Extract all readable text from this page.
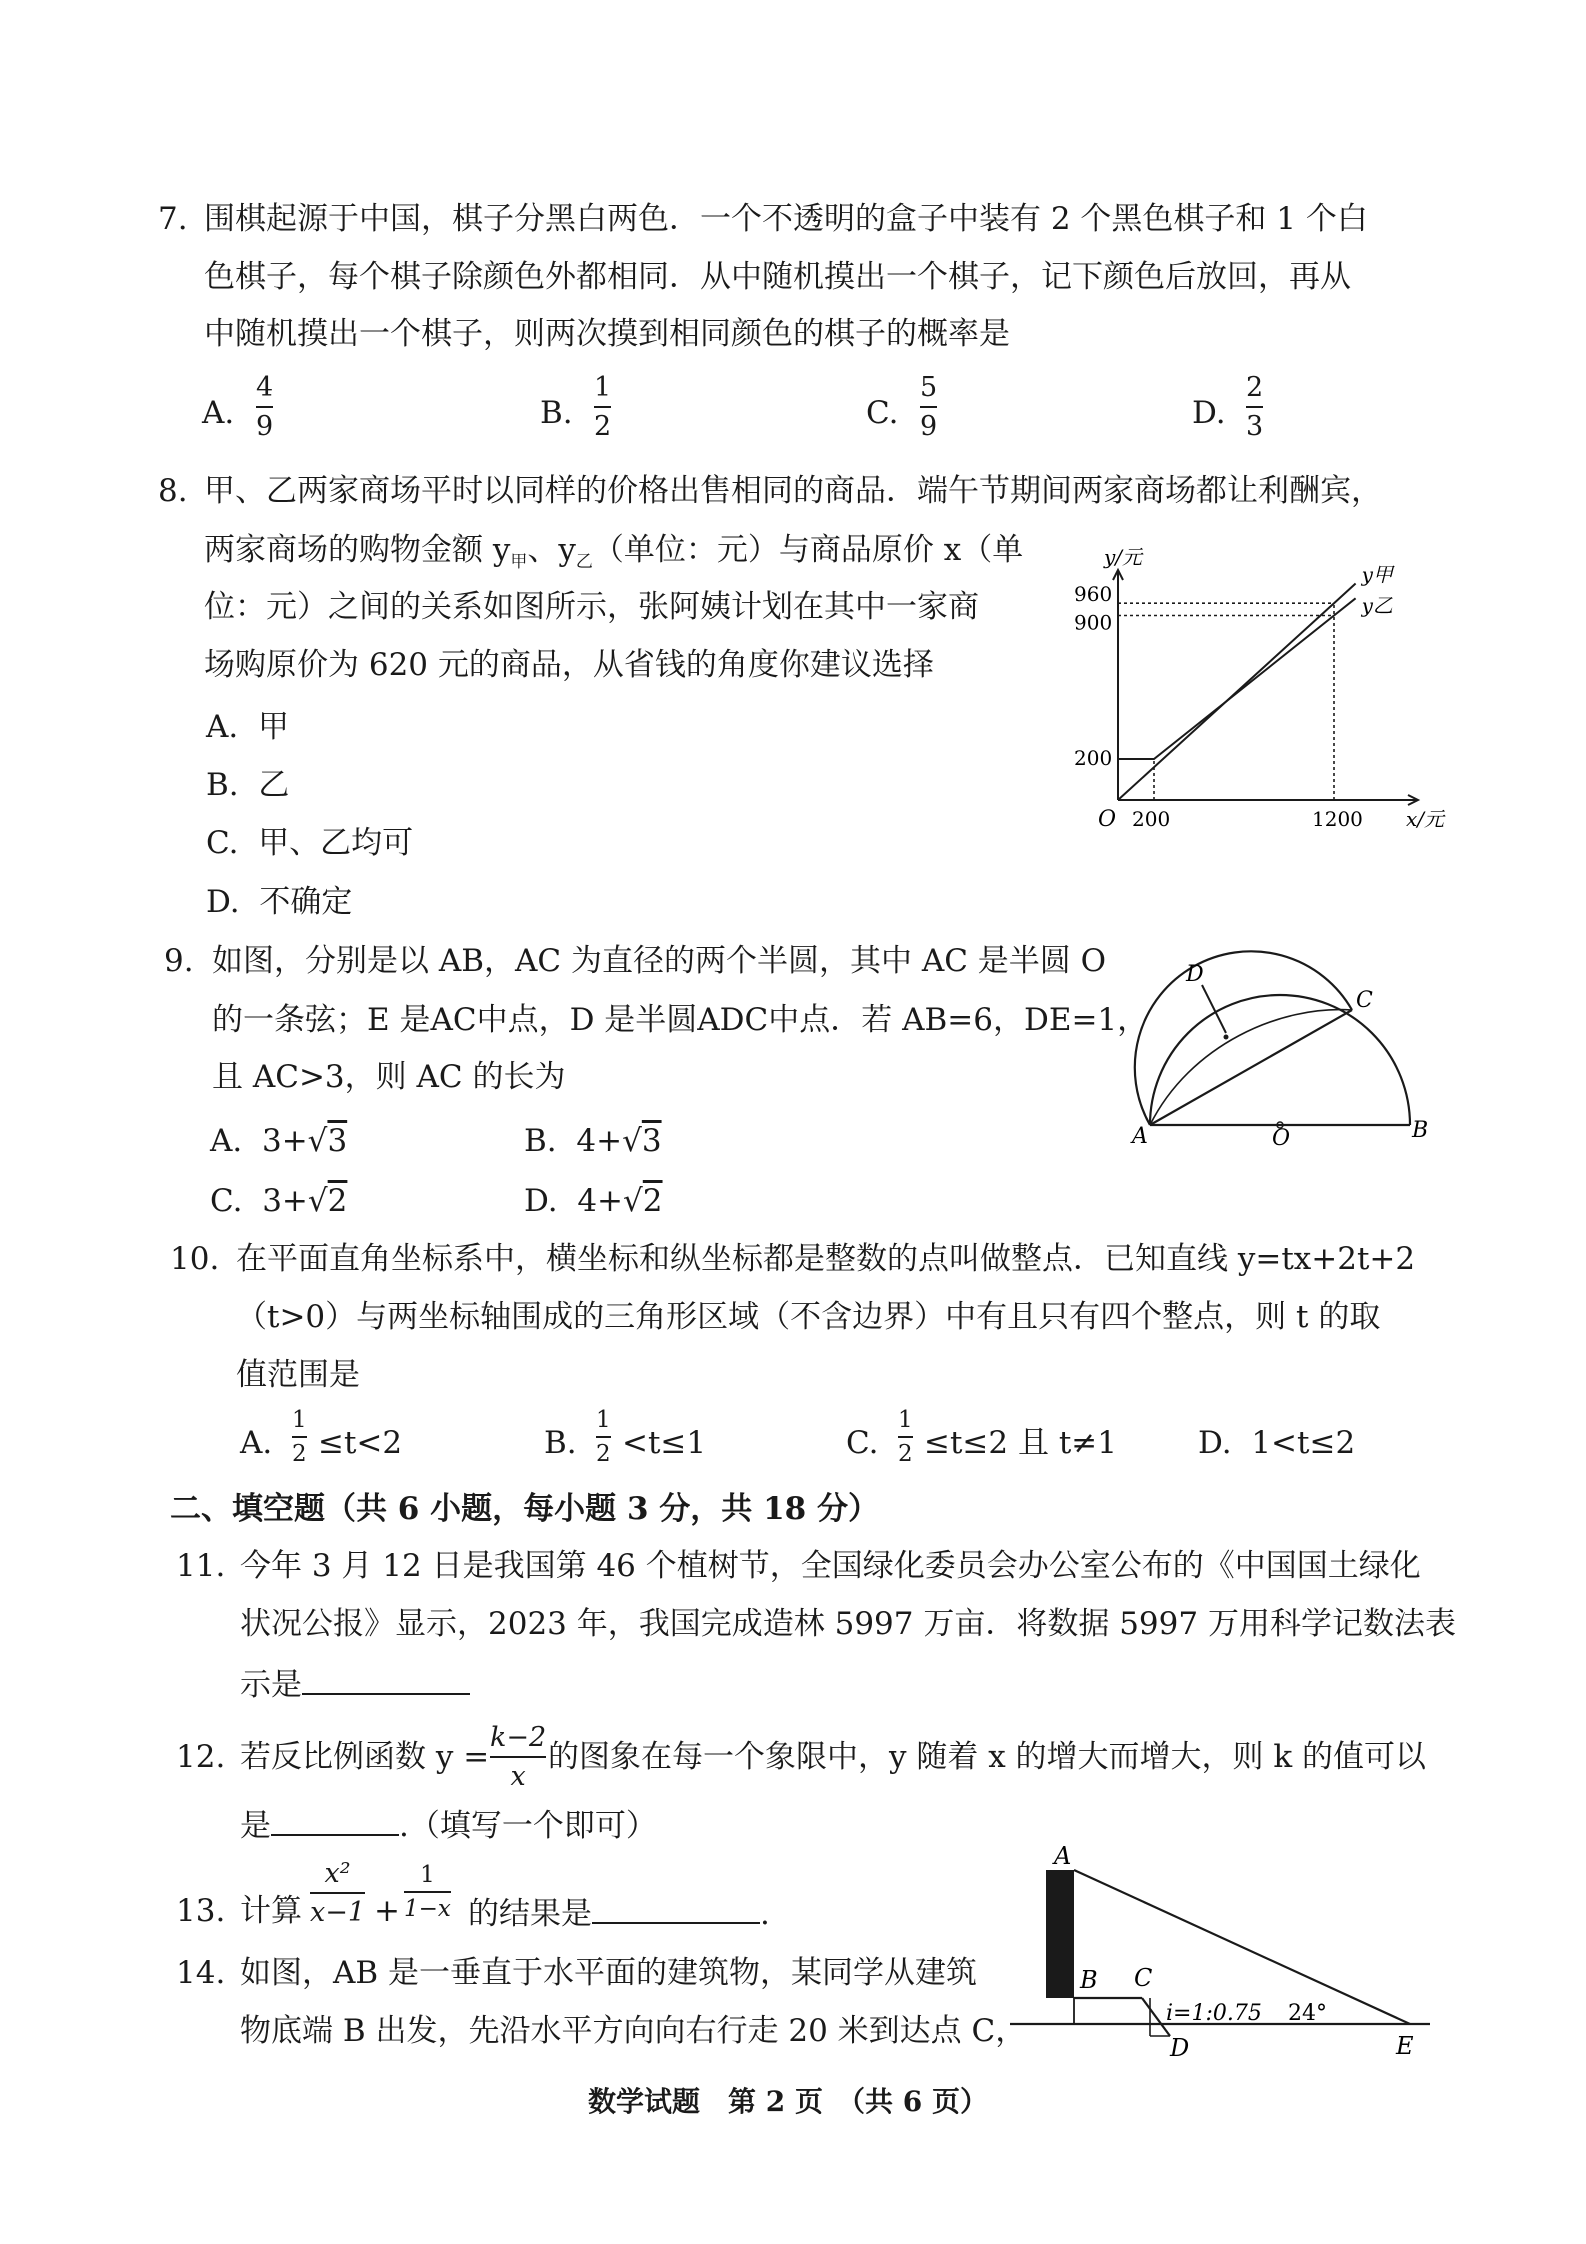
7. 围棋起源于中国，棋子分黑白两色．一个不透明的盒子中装有 2 个黑色棋子和 1 个白
色棋子，每个棋子除颜色外都相同．从中随机摸出一个棋子，记下颜色后放回，再从
中随机摸出一个棋子，则两次摸到相同颜色的棋子的概率是
A.
4
9	B.
1
2	C.
5
9	D.
2
3
8. 甲、乙两家商场平时以同样的价格出售相同的商品．端午节期间两家商场都让利酬宾，
两家商场的购物金额 $y_甲$、$y_乙$（单位：元）与商品原价 x（单
位：元）之间的关系如图所示，张阿姨计划在其中一家商
场购原价为 620 元的商品，从省钱的角度你建议选择
A. 甲
B. 乙
C. 甲、乙均可
D. 不确定
y甲
y乙
200	1200
200
900
960
O	x/元
y/元
9. 如图，分别是以 AB，AC 为直径的两个半圆，其中 AC 是半圆 O
的一条弦；E 是AC中点，D 是半圆ADC中点．若 AB=6，DE=1，
且 AC>3，则 AC 的长为
A. 3+√3	B. 4+√3
C. 3+√2	D. 4+√2
D
C
A	O	B
10. 在平面直角坐标系中，横坐标和纵坐标都是整数的点叫做整点．已知直线 y=tx+2t+2
（t>0）与两坐标轴围成的三角形区域（不含边界）中有且只有四个整点，则 t 的取
值范围是
A.
1
2 ≤t<2	B.
1
2 <t≤1	C.
1
2 ≤t≤2 且 t≠1	D. 1<t≤2
二、填空题（共 6 小题，每小题 3 分，共 18 分）
11. 今年 3 月 12 日是我国第 46 个植树节，全国绿化委员会办公室公布的《中国国土绿化
状况公报》显示，2023 年，我国完成造林 5997 万亩．将数据 5997 万用科学记数法表
示是
12. 若反比例函数 y =
k−2
x
的图象在每一个象限中，y 随着 x 的增大而增大，则 k 的值可以
是	.（填写一个即可）
13. 计算
x²
x−1 +
1
1−x 的结果是	.
14. 如图，AB 是一垂直于水平面的建筑物，某同学从建筑
物底端 B 出发，先沿水平方向向右行走 20 米到达点 C，
A
B C
D	E
i=1:0.75 24°
数学试题　第 2 页　（共 6 页）
